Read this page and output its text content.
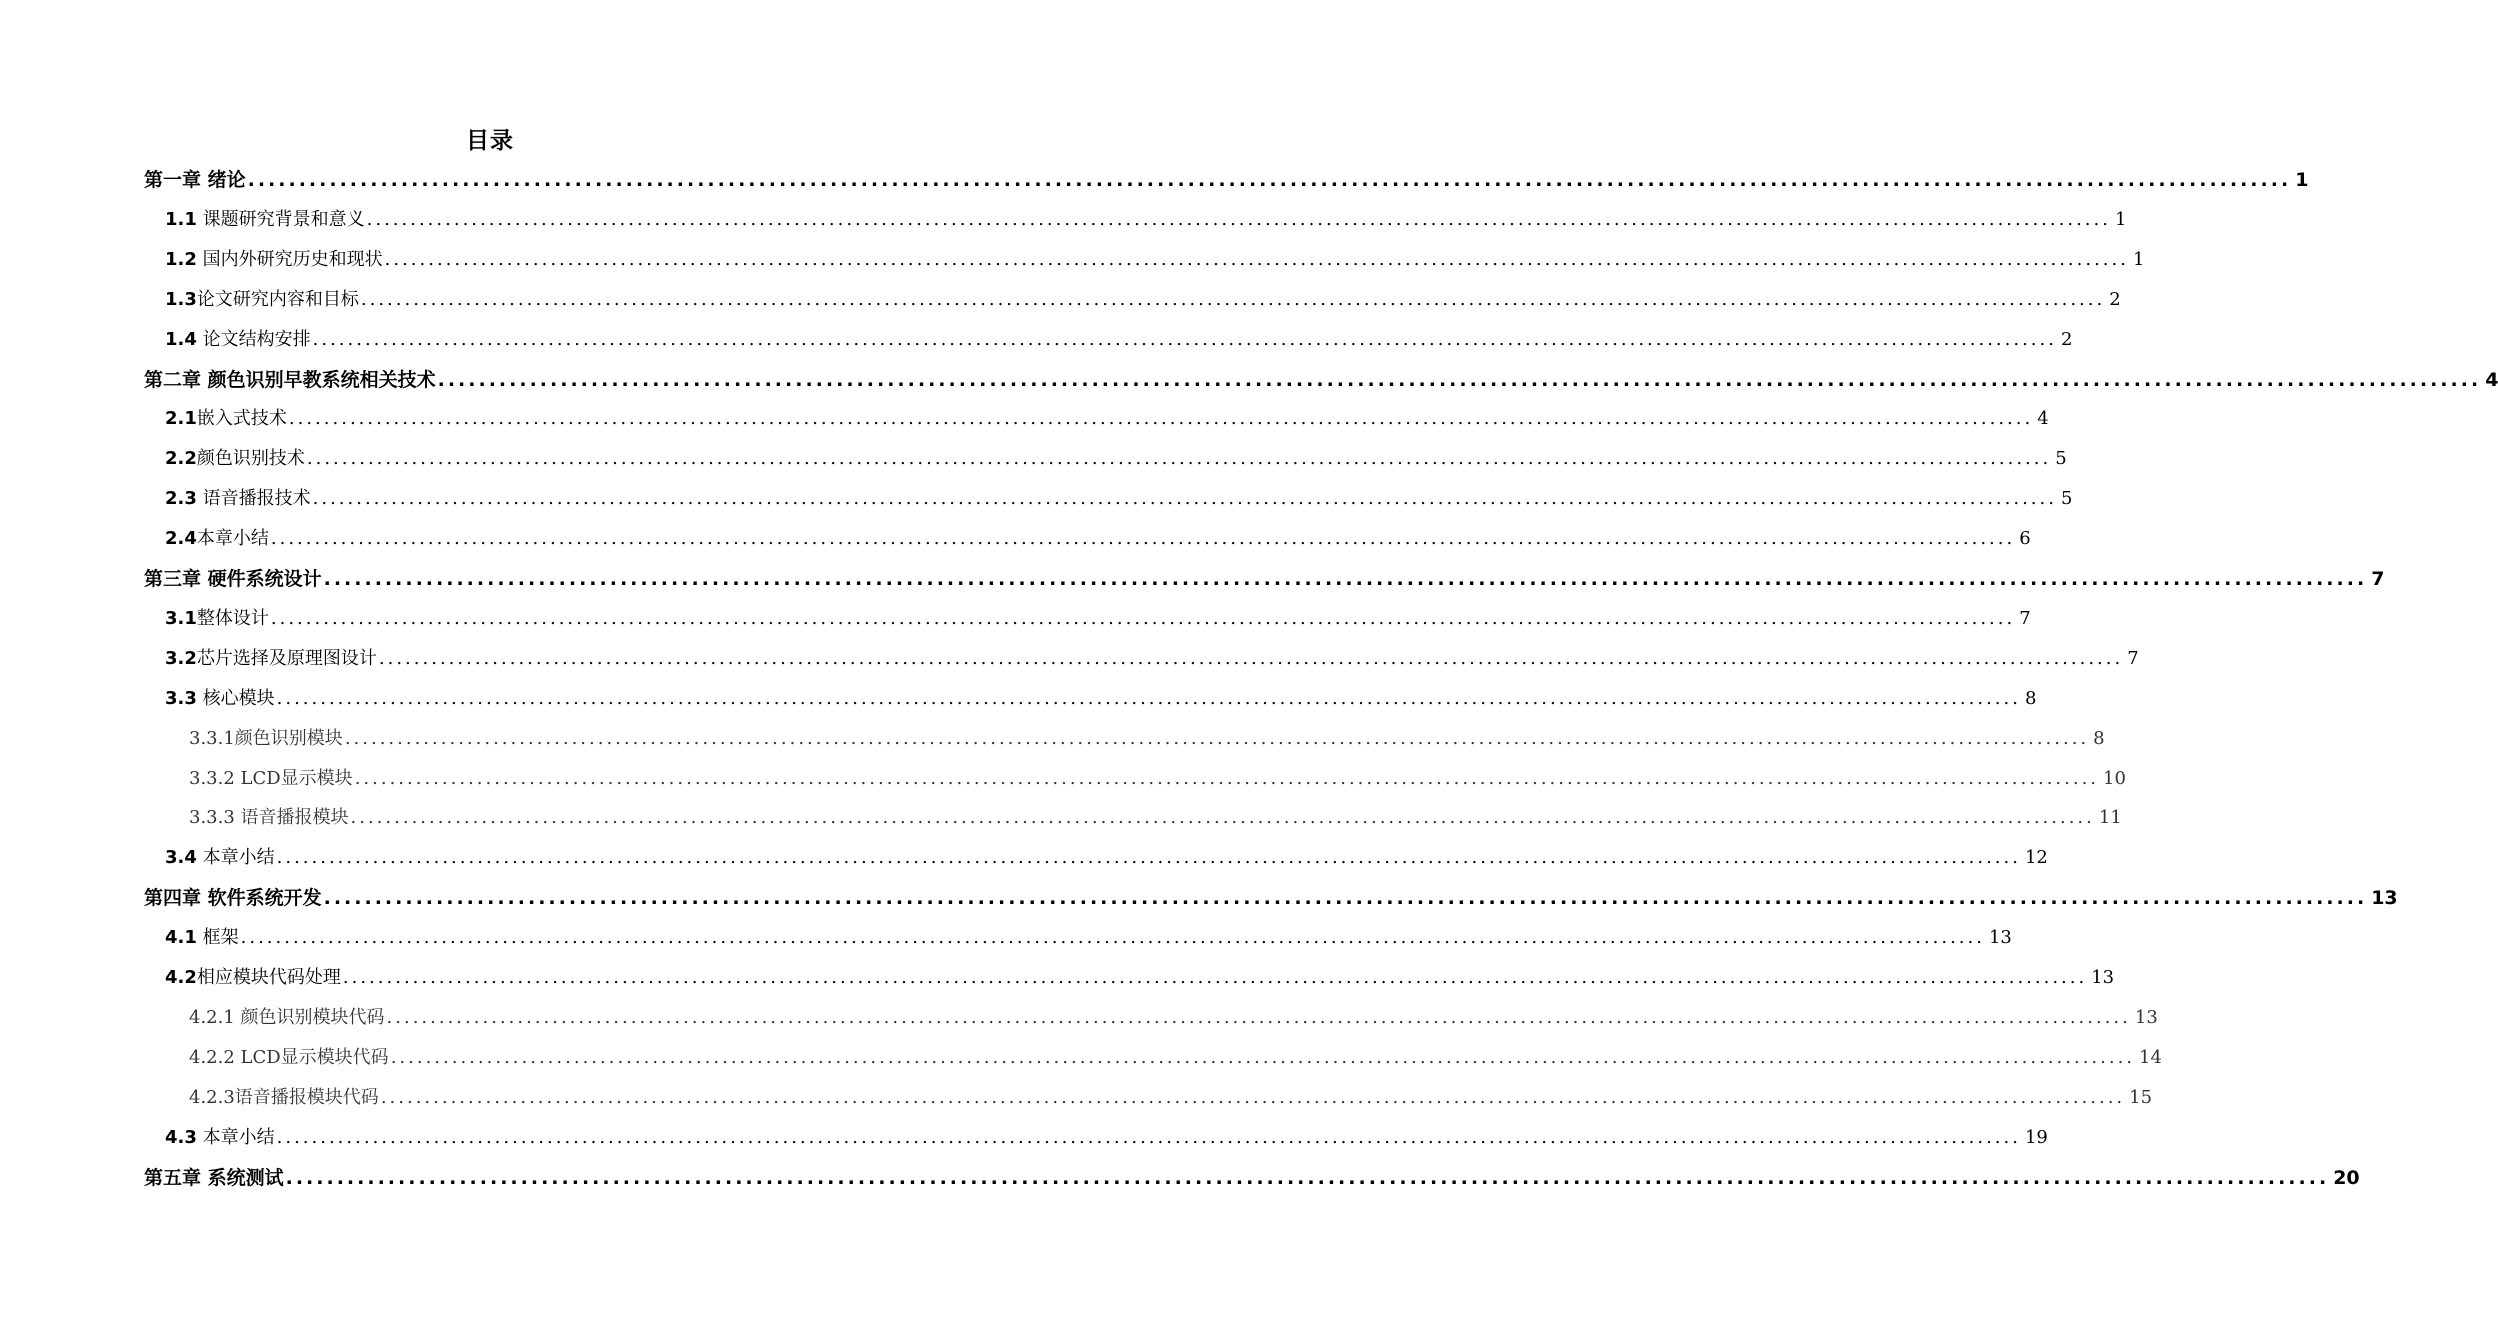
目录
第一章 绪论 ........................................................................................................................................................................................................ 1
1.1 课题研究背景和意义 ........................................................................................................................................................................................................ 1
1.2 国内外研究历史和现状 ........................................................................................................................................................................................................ 1
1.3论文研究内容和目标 ........................................................................................................................................................................................................ 2
1.4 论文结构安排 ........................................................................................................................................................................................................ 2
第二章 颜色识别早教系统相关技术 ........................................................................................................................................................................................................ 4
2.1嵌入式技术 ........................................................................................................................................................................................................ 4
2.2颜色识别技术 ........................................................................................................................................................................................................ 5
2.3 语音播报技术 ........................................................................................................................................................................................................ 5
2.4本章小结 ........................................................................................................................................................................................................ 6
第三章 硬件系统设计 ........................................................................................................................................................................................................ 7
3.1整体设计 ........................................................................................................................................................................................................ 7
3.2芯片选择及原理图设计 ........................................................................................................................................................................................................ 7
3.3 核心模块 ........................................................................................................................................................................................................ 8
3.3.1颜色识别模块 ........................................................................................................................................................................................................ 8
3.3.2 LCD显示模块 ........................................................................................................................................................................................................ 10
3.3.3 语音播报模块 ........................................................................................................................................................................................................ 11
3.4 本章小结 ........................................................................................................................................................................................................ 12
第四章 软件系统开发 ........................................................................................................................................................................................................ 13
4.1 框架 ........................................................................................................................................................................................................ 13
4.2相应模块代码处理 ........................................................................................................................................................................................................ 13
4.2.1 颜色识别模块代码 ........................................................................................................................................................................................................ 13
4.2.2 LCD显示模块代码 ........................................................................................................................................................................................................ 14
4.2.3语音播报模块代码 ........................................................................................................................................................................................................ 15
4.3 本章小结 ........................................................................................................................................................................................................ 19
第五章 系统测试 ........................................................................................................................................................................................................ 20
